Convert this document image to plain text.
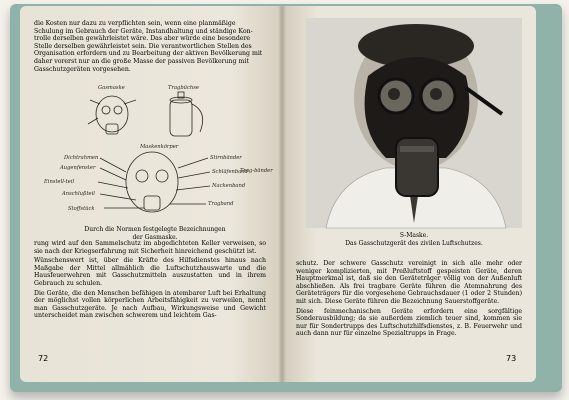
die Kosten nur dazu zu verpflichten sein, wenn eine planmäßige
Schulung im Gebrauch der Geräte, Instandhaltung und ständige Kon-
trolle derselben gewährleistet wäre. Das aber würde eine besondere
Stelle derselben gewährleistet sein. Die verantwortlichen Stellen des
Organisation erfordern und zu Bearbeitung der aktiven Bevölkerung mit
daher vorerst nur an die große Masse der passiven Bevölkerung mit
Gasschutzgeräten vorgesehen.
Gasmaske	Tragbüchse
Maskenkörper
Dichtrahmen
Augenfenster
Einstell-teil
Anschlußteil
Stoffstück
Stirnbänder
Schläfenband
Nackenband
Tragband
Trag-bänder
Durch die Normen festgelegte Bezeichnungen
der Gasmaske.

rung wird auf den Sammelschutz im abgedichteten Keller verweisen, so sie nach der Kriegserfahrung mit Sicherheit hinreichend geschützt ist.

Wünschenswert ist, über die Kräfte des Hilfsdienstes hinaus nach Maßgabe der Mittel allmählich die Luftschutzhauswarte und die Hausfeuerwehren mit Gasschutzmitteln auszustatten und in ihrem Gebrauch zu schulen.

Die Geräte, die den Menschen befähigen in atembarer Luft bei Erhaltung der möglichst vollen körperlichen Arbeitsfähigkeit zu verweilen, nennt man Gasschutzgeräte. Je nach Aufbau, Wirkungsweise und Gewicht unterscheidet man zwischen schwerem und leichtem Gas-

72
S-Maske.
Das Gasschutzgerät des zivilen Luftschutzes.

schutz. Der schwere Gasschutz vereinigt in sich alle mehr oder weniger komplizierten, mit Preßluftstoff gespeisten Geräte, deren Hauptmerkmal ist, daß sie den Geräteträger völlig von der Außenluft abschließen. Als frei tragbare Geräte führen die Atemnahrung des Geräteträgers für die vorgesehene Gebrauchsdauer (1 oder 2 Stunden) mit sich. Diese Geräte führen die Bezeichnung Sauerstoffgeräte.

Diese feinmechanischen Geräte erfordern eine sorgfältige Sonderausbildung; da sie außerdem ziemlich teuer sind, kommen sie nur für Sondertrupps des Luftschutzhilfsdienstes, z. B. Feuerwehr und auch dann nur für einzelne Spezialtrupps in Frage.

73
